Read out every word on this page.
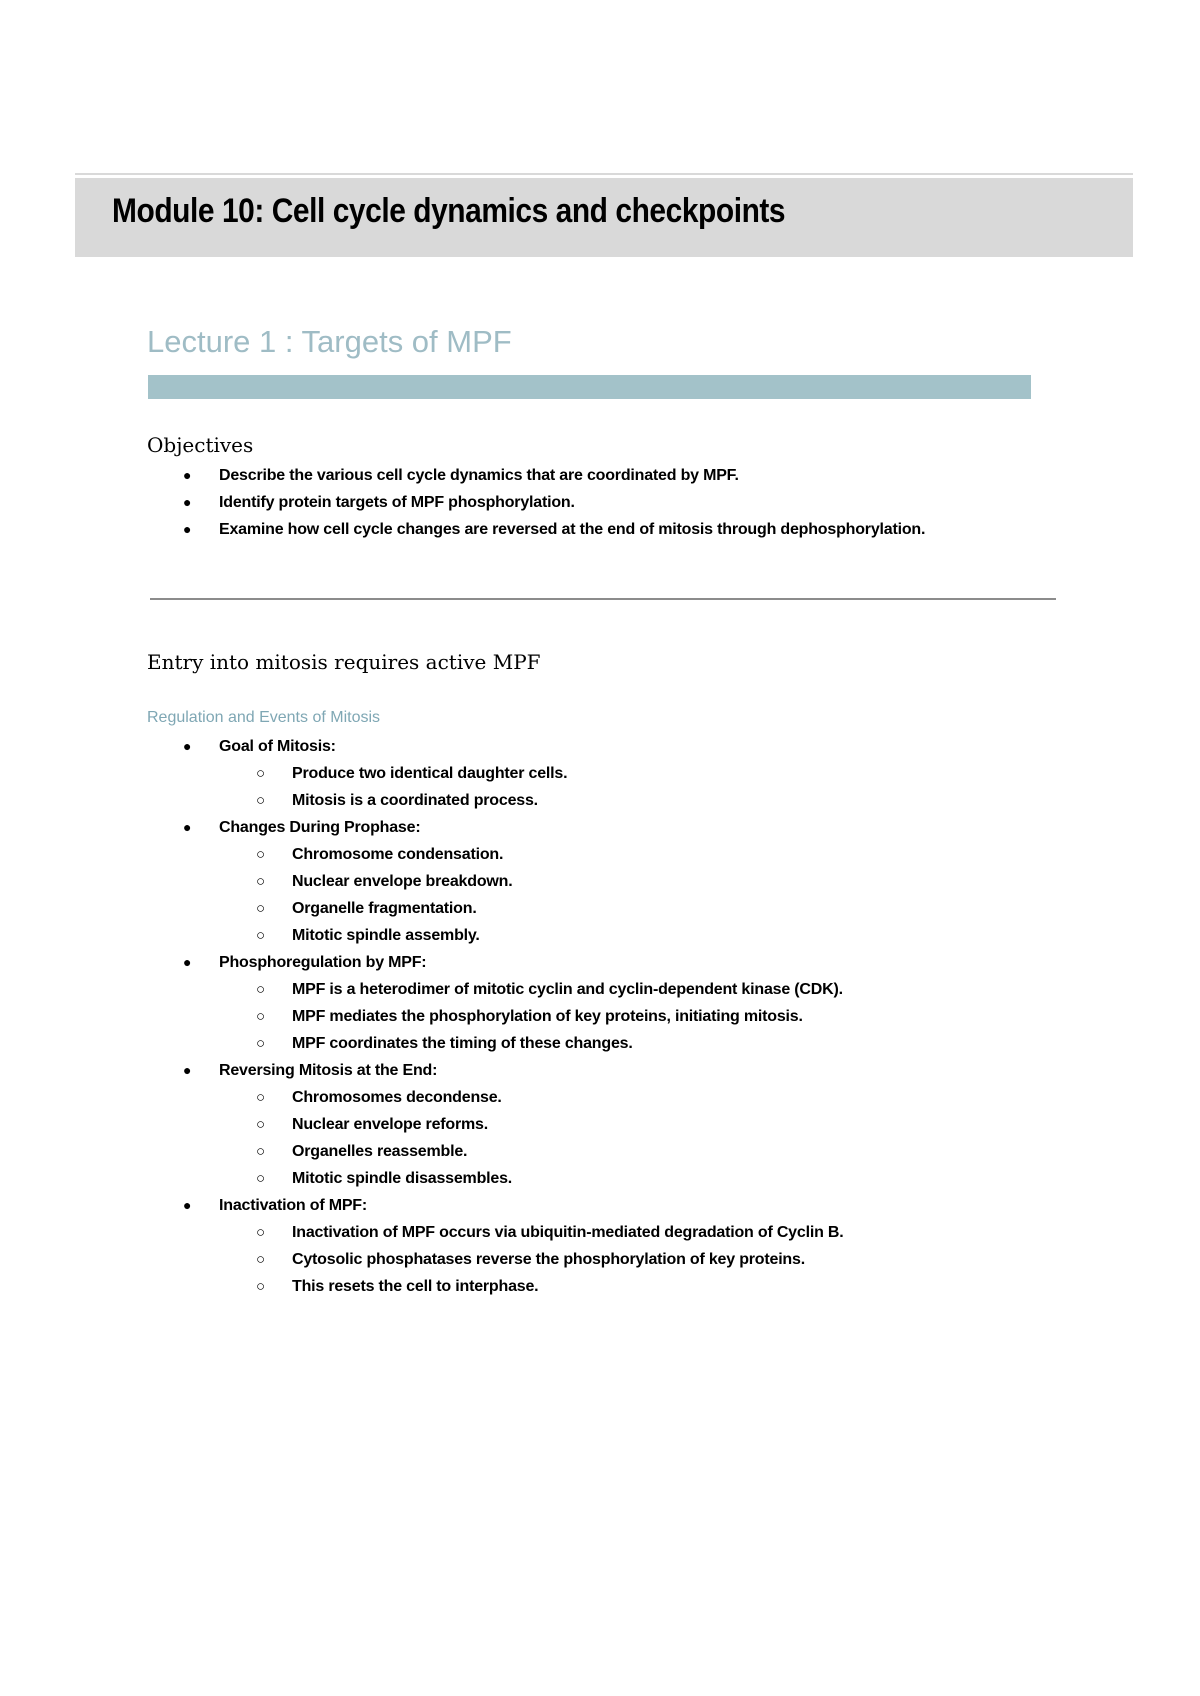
Module 10: Cell cycle dynamics and checkpoints
Lecture 1 : Targets of MPF
Objectives
● Describe the various cell cycle dynamics that are coordinated by MPF.
● Identify protein targets of MPF phosphorylation.
● Examine how cell cycle changes are reversed at the end of mitosis through dephosphorylation.
Entry into mitosis requires active MPF
Regulation and Events of Mitosis
● Goal of Mitosis:
○ Produce two identical daughter cells.
○ Mitosis is a coordinated process.
● Changes During Prophase:
○ Chromosome condensation.
○ Nuclear envelope breakdown.
○ Organelle fragmentation.
○ Mitotic spindle assembly.
● Phosphoregulation by MPF:
○ MPF is a heterodimer of mitotic cyclin and cyclin-dependent kinase (CDK).
○ MPF mediates the phosphorylation of key proteins, initiating mitosis.
○ MPF coordinates the timing of these changes.
● Reversing Mitosis at the End:
○ Chromosomes decondense.
○ Nuclear envelope reforms.
○ Organelles reassemble.
○ Mitotic spindle disassembles.
● Inactivation of MPF:
○ Inactivation of MPF occurs via ubiquitin-mediated degradation of Cyclin B.
○ Cytosolic phosphatases reverse the phosphorylation of key proteins.
○ This resets the cell to interphase.
